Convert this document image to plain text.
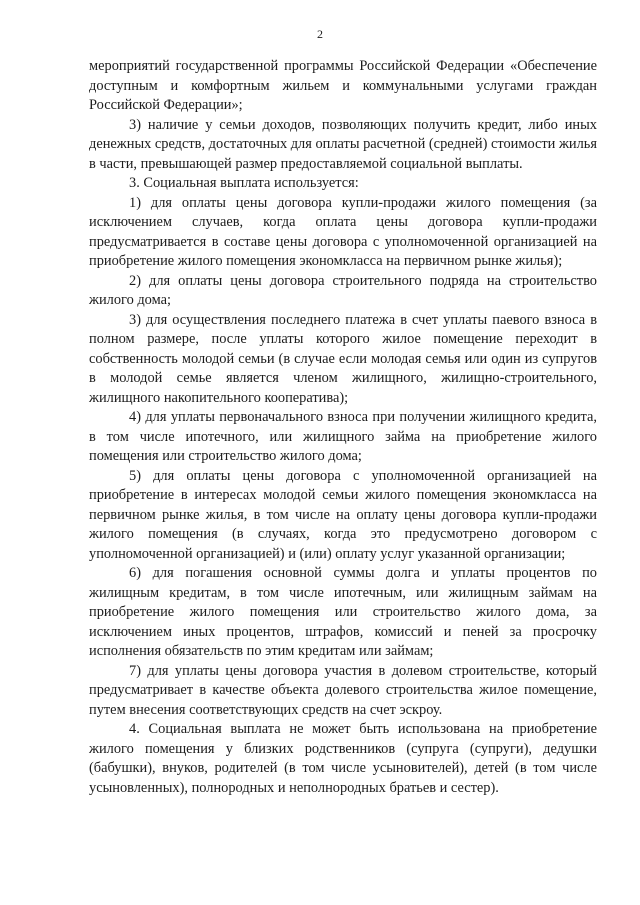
2

мероприятий государственной программы Российской Федерации «Обеспечение доступным и комфортным жильем и коммунальными услугами граждан Российской Федерации»;

3) наличие у семьи доходов, позволяющих получить кредит, либо иных денежных средств, достаточных для оплаты расчетной (средней) стоимости жилья в части, превышающей размер предоставляемой социальной выплаты.

3. Социальная выплата используется:

1) для оплаты цены договора купли-продажи жилого помещения (за исключением случаев, когда оплата цены договора купли-продажи предусматривается в составе цены договора с уполномоченной организацией на приобретение жилого помещения экономкласса на первичном рынке жилья);

2) для оплаты цены договора строительного подряда на строительство жилого дома;

3) для осуществления последнего платежа в счет уплаты паевого взноса в полном размере, после уплаты которого жилое помещение переходит в собственность молодой семьи (в случае если молодая семья или один из супругов в молодой семье является членом жилищного, жилищно-строительного, жилищного накопительного кооператива);

4) для уплаты первоначального взноса при получении жилищного кредита, в том числе ипотечного, или жилищного займа на приобретение жилого помещения или строительство жилого дома;

5) для оплаты цены договора с уполномоченной организацией на приобретение в интересах молодой семьи жилого помещения экономкласса на первичном рынке жилья, в том числе на оплату цены договора купли-продажи жилого помещения (в случаях, когда это предусмотрено договором с уполномоченной организацией) и (или) оплату услуг указанной организации;

6) для погашения основной суммы долга и уплаты процентов по жилищным кредитам, в том числе ипотечным, или жилищным займам на приобретение жилого помещения или строительство жилого дома, за исключением иных процентов, штрафов, комиссий и пеней за просрочку исполнения обязательств по этим кредитам или займам;

7) для уплаты цены договора участия в долевом строительстве, который предусматривает в качестве объекта долевого строительства жилое помещение, путем внесения соответствующих средств на счет эскроу.

4. Социальная выплата не может быть использована на приобретение жилого помещения у близких родственников (супруга (супруги), дедушки (бабушки), внуков, родителей (в том числе усыновителей), детей (в том числе усыновленных), полнородных и неполнородных братьев и сестер).
